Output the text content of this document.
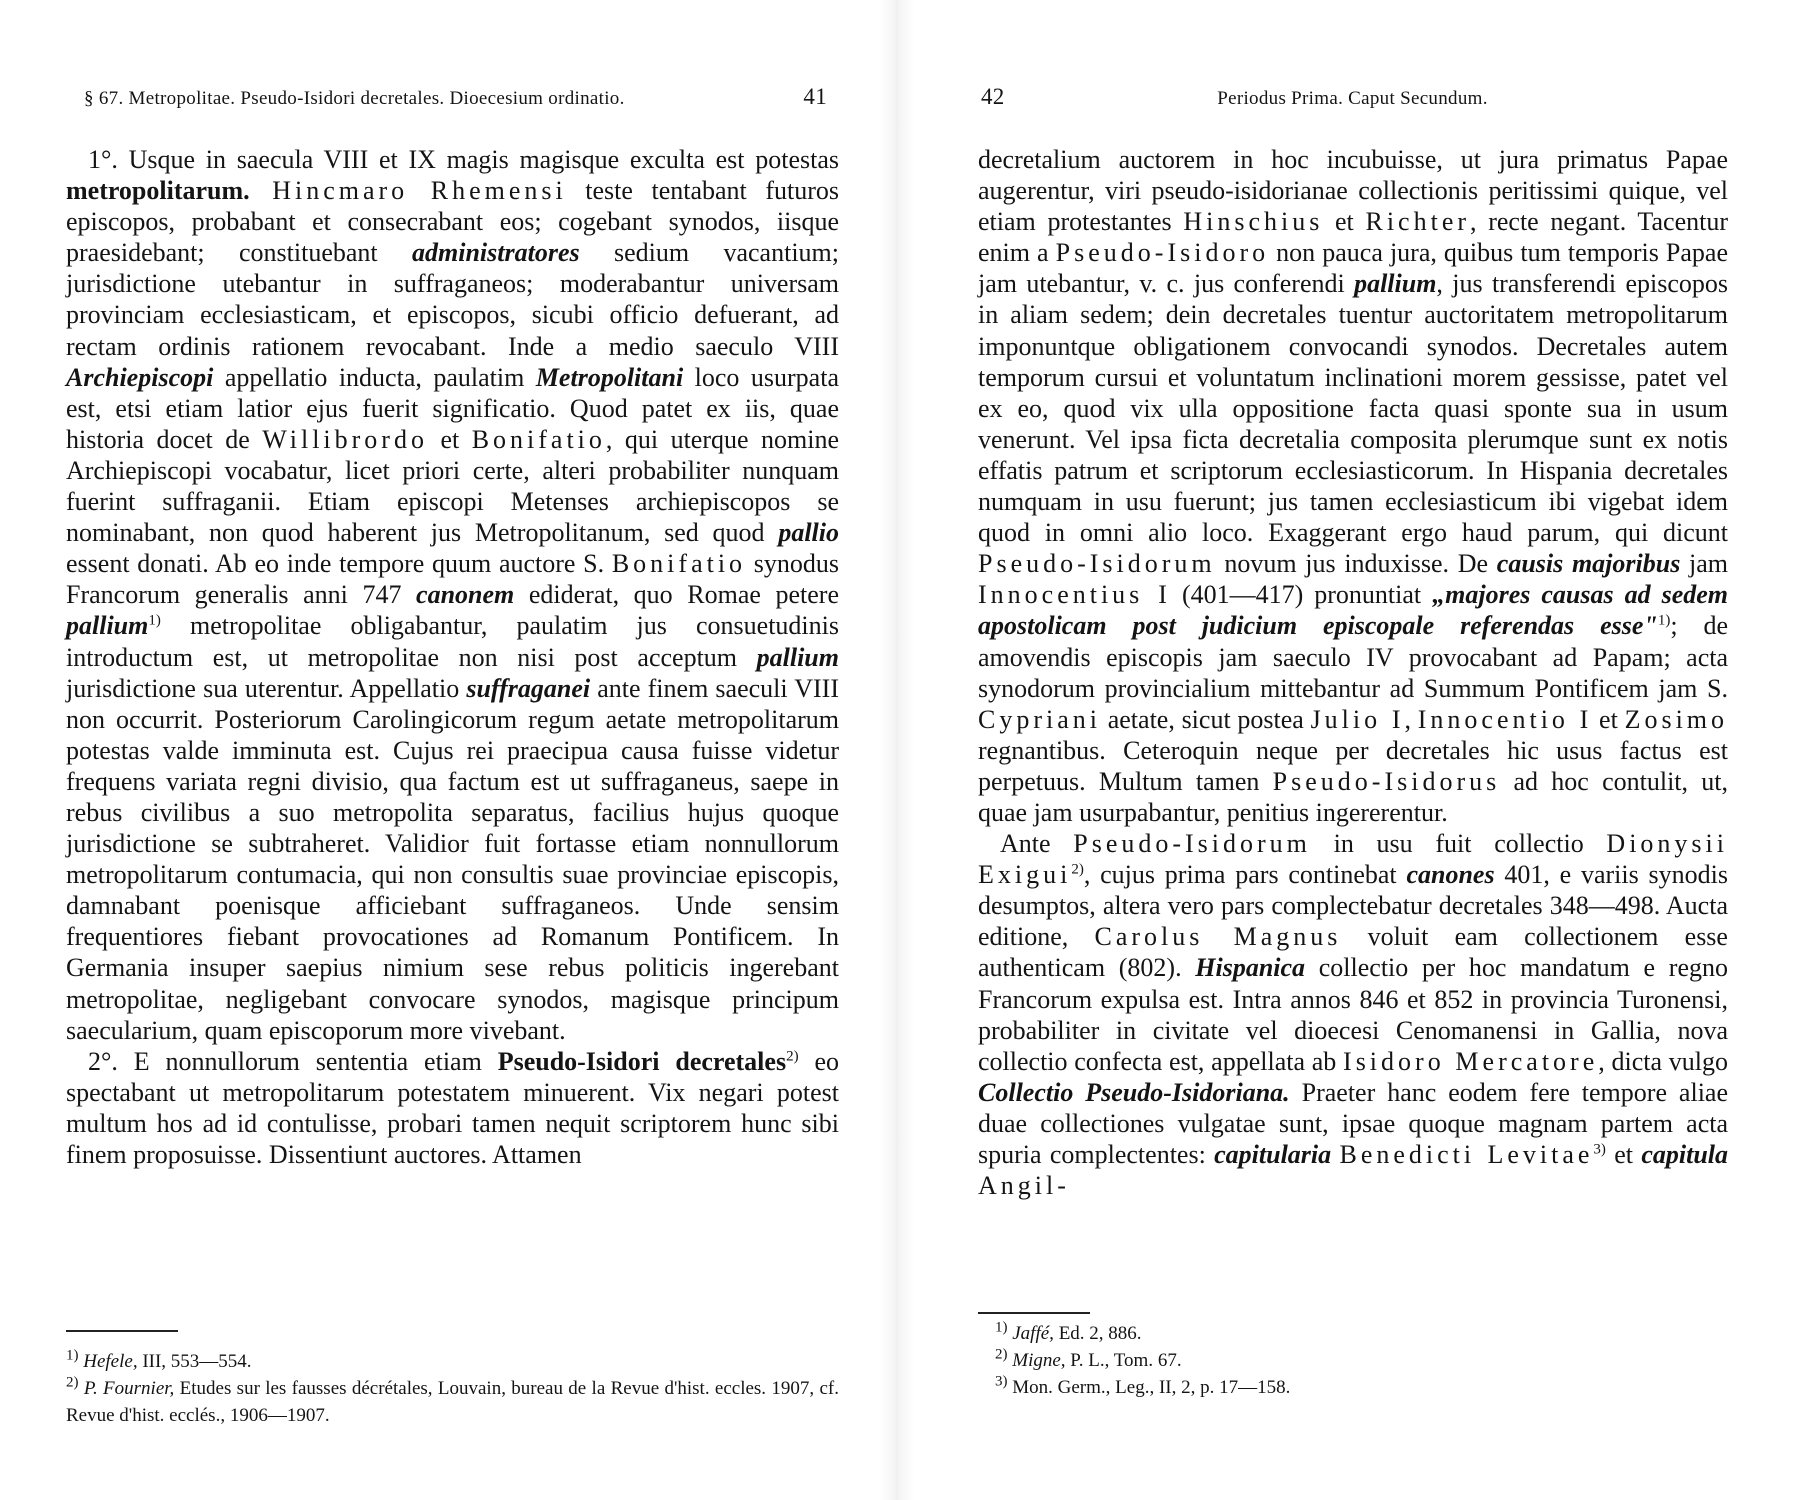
§ 67. Metropolitae. Pseudo-Isidori decretales. Dioecesium ordinatio.	41

1°. Usque in saecula VIII et IX magis magisque exculta est potestas metropolitarum. Hincmaro Rhemensi teste tentabant futuros episcopos, probabant et consecrabant eos; cogebant synodos, iisque praesidebant; constituebant administratores sedium vacantium; jurisdictione utebantur in suffraganeos; moderabantur universam provinciam ecclesiasticam, et episcopos, sicubi officio defuerant, ad rectam ordinis rationem revocabant. Inde a medio saeculo VIII Archiepiscopi appellatio inducta, paulatim Metropolitani loco usurpata est, etsi etiam latior ejus fuerit significatio. Quod patet ex iis, quae historia docet de Willibrordo et Bonifatio, qui uterque nomine Archiepiscopi vocabatur, licet priori certe, alteri probabiliter nunquam fuerint suffraganii. Etiam episcopi Metenses archiepiscopos se nominabant, non quod haberent jus Metropolitanum, sed quod pallio essent donati. Ab eo inde tempore quum auctore S. Bonifatio synodus Francorum generalis anni 747 canonem ediderat, quo Romae petere pallium$^{1)}$ metropolitae obligabantur, paulatim jus consuetudinis introductum est, ut metropolitae non nisi post acceptum pallium jurisdictione sua uterentur. Appellatio suffraganei ante finem saeculi VIII non occurrit. Posteriorum Carolingicorum regum aetate metropolitarum potestas valde imminuta est. Cujus rei praecipua causa fuisse videtur frequens variata regni divisio, qua factum est ut suffraganeus, saepe in rebus civilibus a suo metropolita separatus, facilius hujus quoque jurisdictione se subtraheret. Validior fuit fortasse etiam nonnullorum metropolitarum contumacia, qui non consultis suae provinciae episcopis, damnabant poenisque afficiebant suffraganeos. Unde sensim frequentiores fiebant provocationes ad Romanum Pontificem. In Germania insuper saepius nimium sese rebus politicis ingerebant metropolitae, negligebant convocare synodos, magisque principum saecularium, quam episcoporum more vivebant.

2°. E nonnullorum sententia etiam Pseudo-Isidori decretales$^{2)}$ eo spectabant ut metropolitarum potestatem minuerent. Vix negari potest multum hos ad id contulisse, probari tamen nequit scriptorem hunc sibi finem proposuisse. Dissentiunt auctores. Attamen

$^{1)}$ Hefele, III, 553—554.

$^{2)}$ P. Fournier, Etudes sur les fausses décrétales, Louvain, bureau de la Revue d'hist. eccles. 1907, cf. Revue d'hist. ecclés., 1906—1907.

42	Periodus Prima. Caput Secundum.

decretalium auctorem in hoc incubuisse, ut jura primatus Papae augerentur, viri pseudo-isidorianae collectionis peritissimi quique, vel etiam protestantes Hinschius et Richter, recte negant. Tacentur enim a Pseudo-Isidoro non pauca jura, quibus tum temporis Papae jam utebantur, v. c. jus conferendi pallium, jus transferendi episcopos in aliam sedem; dein decretales tuentur auctoritatem metropolitarum imponuntque obligationem convocandi synodos. Decretales autem temporum cursui et voluntatum inclinationi morem gessisse, patet vel ex eo, quod vix ulla oppositione facta quasi sponte sua in usum venerunt. Vel ipsa ficta decretalia composita plerumque sunt ex notis effatis patrum et scriptorum ecclesiasticorum. In Hispania decretales numquam in usu fuerunt; jus tamen ecclesiasticum ibi vigebat idem quod in omni alio loco. Exaggerant ergo haud parum, qui dicunt Pseudo-Isidorum novum jus induxisse. De causis majoribus jam Innocentius I (401—417) pronuntiat „majores causas ad sedem apostolicam post judicium episcopale referendas esse"$^{1)}$; de amovendis episcopis jam saeculo IV provocabant ad Papam; acta synodorum provincialium mittebantur ad Summum Pontificem jam S. Cypriani aetate, sicut postea Julio I, Innocentio I et Zosimo regnantibus. Ceteroquin neque per decretales hic usus factus est perpetuus. Multum tamen Pseudo-Isidorus ad hoc contulit, ut, quae jam usurpabantur, penitius ingererentur.

Ante Pseudo-Isidorum in usu fuit collectio Dionysii Exigui$^{2)}$, cujus prima pars continebat canones 401, e variis synodis desumptos, altera vero pars complectebatur decretales 348—498. Aucta editione, Carolus Magnus voluit eam collectionem esse authenticam (802). Hispanica collectio per hoc mandatum e regno Francorum expulsa est. Intra annos 846 et 852 in provincia Turonensi, probabiliter in civitate vel dioecesi Cenomanensi in Gallia, nova collectio confecta est, appellata ab Isidoro Mercatore, dicta vulgo Collectio Pseudo-Isidoriana. Praeter hanc eodem fere tempore aliae duae collectiones vulgatae sunt, ipsae quoque magnam partem acta spuria complectentes: capitularia Benedicti Levitae$^{3)}$ et capitula Angil-

$^{1)}$ Jaffé, Ed. 2, 886.

$^{2)}$ Migne, P. L., Tom. 67.

$^{3)}$ Mon. Germ., Leg., II, 2, p. 17—158.
